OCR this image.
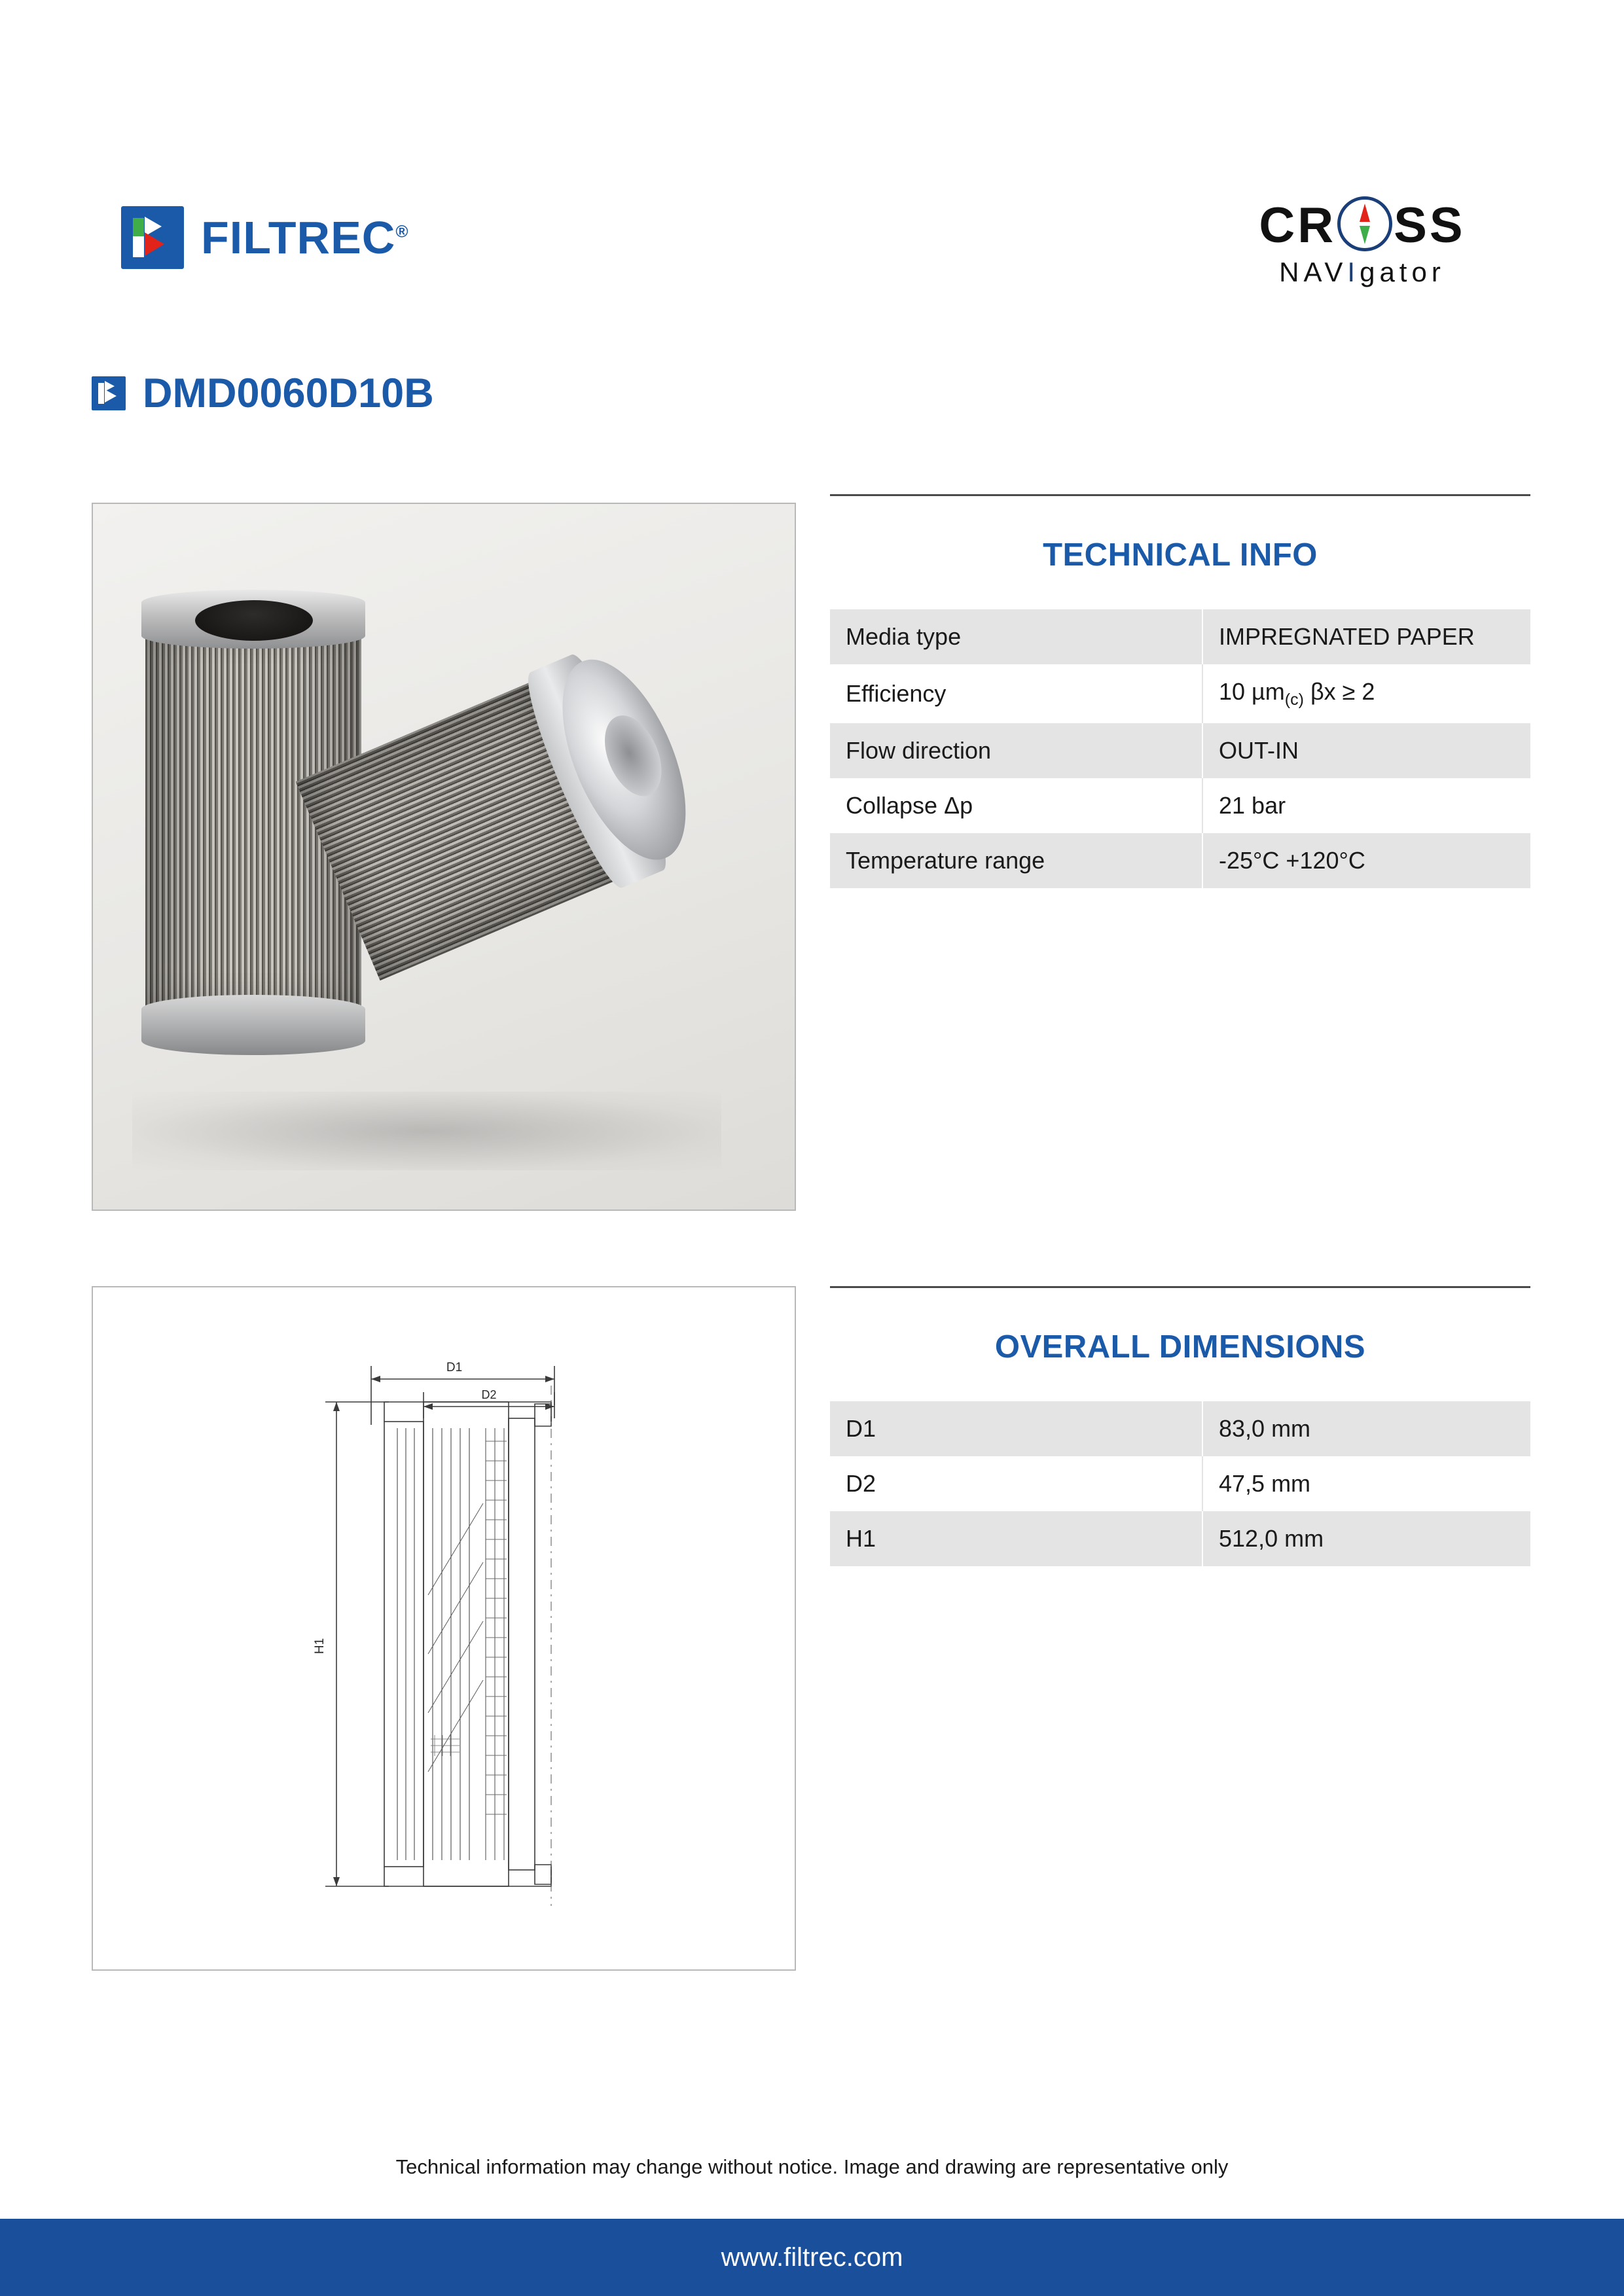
FILTREC®	CR SS
NAVIgator
DMD0060D10B
D1
D2
H1
TECHNICAL INFO
Media type	IMPREGNATED PAPER
Efficiency	10 µm$_{(c)}$ βx ≥ 2
Flow direction	OUT-IN
Collapse Δp	21 bar
Temperature range	-25°C +120°C
OVERALL DIMENSIONS
D1	83,0 mm
D2	47,5 mm
H1	512,0 mm
Technical information may change without notice. Image and drawing are representative only
www.filtrec.com
